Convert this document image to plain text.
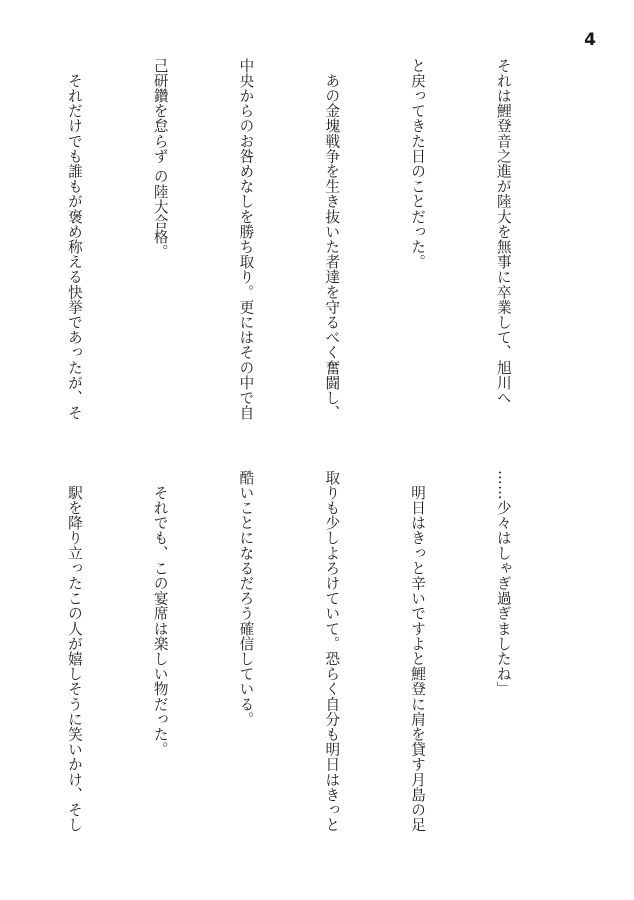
4

それは鯉登音之進が陸大を無事に卒業して、旭川へ

と戻ってきた日のことだった。

　あの金塊戦争を生き抜いた者達を守るべく奮闘し、

中央からのお咎めなしを勝ち取り。更にはその中で自

己研鑽を怠らず の陸大合格。

　それだけでも誰もが褒め称える快挙であったが、そ

……少々はしゃぎ過ぎましたね」

　明日はきっと辛いですよと鯉登に肩を貸す月島の足

取りも少しよろけていて。恐らく自分も明日はきっと

酷いことになるだろう確信している。

　それでも、この宴席は楽しい物だった。

　駅を降り立ったこの人が嬉しそうに笑いかけ、そし
